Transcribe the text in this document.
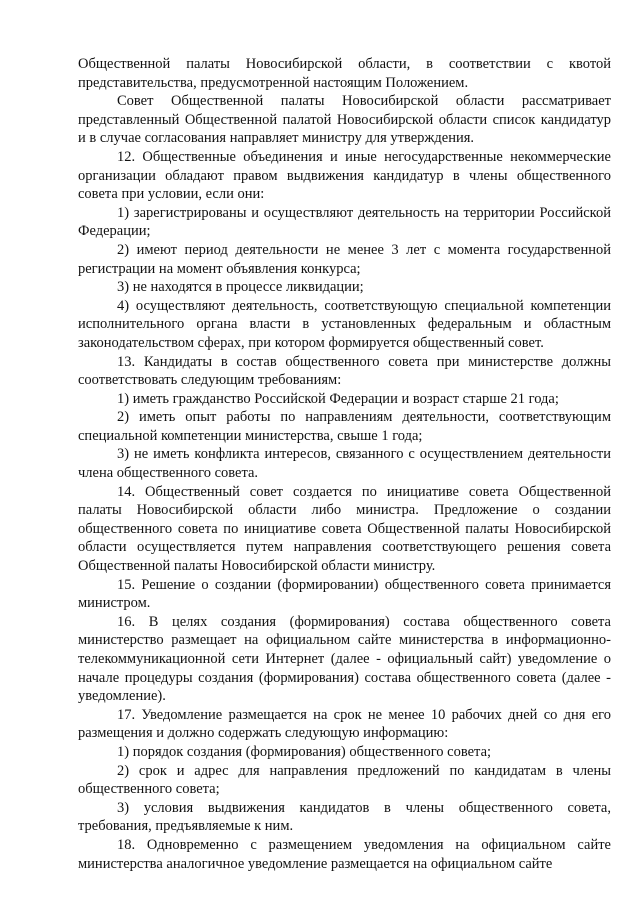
Общественной палаты Новосибирской области, в соответствии с квотой представительства, предусмотренной настоящим Положением.

Совет Общественной палаты Новосибирской области рассматривает представленный Общественной палатой Новосибирской области список кандидатур и в случае согласования направляет министру для утверждения.

12. Общественные объединения и иные негосударственные некоммерческие организации обладают правом выдвижения кандидатур в члены общественного совета при условии, если они:

1) зарегистрированы и осуществляют деятельность на территории Российской Федерации;

2) имеют период деятельности не менее 3 лет с момента государственной регистрации на момент объявления конкурса;

3) не находятся в процессе ликвидации;

4) осуществляют деятельность, соответствующую специальной компетенции исполнительного органа власти в установленных федеральным и областным законодательством сферах, при котором формируется общественный совет.

13. Кандидаты в состав общественного совета при министерстве должны соответствовать следующим требованиям:

1) иметь гражданство Российской Федерации и возраст старше 21 года;

2) иметь опыт работы по направлениям деятельности, соответствующим специальной компетенции министерства, свыше 1 года;

3) не иметь конфликта интересов, связанного с осуществлением деятельности члена общественного совета.

14. Общественный совет создается по инициативе совета Общественной палаты Новосибирской области либо министра. Предложение о создании общественного совета по инициативе совета Общественной палаты Новосибирской области осуществляется путем направления соответствующего решения совета Общественной палаты Новосибирской области министру.

15. Решение о создании (формировании) общественного совета принимается министром.

16. В целях создания (формирования) состава общественного совета министерство размещает на официальном сайте министерства в информационно-телекоммуникационной сети Интернет (далее - официальный сайт) уведомление о начале процедуры создания (формирования) состава общественного совета (далее - уведомление).

17. Уведомление размещается на срок не менее 10 рабочих дней со дня его размещения и должно содержать следующую информацию:

1) порядок создания (формирования) общественного совета;

2) срок и адрес для направления предложений по кандидатам в члены общественного совета;

3) условия выдвижения кандидатов в члены общественного совета, требования, предъявляемые к ним.

18. Одновременно с размещением уведомления на официальном сайте министерства аналогичное уведомление размещается на официальном сайте
